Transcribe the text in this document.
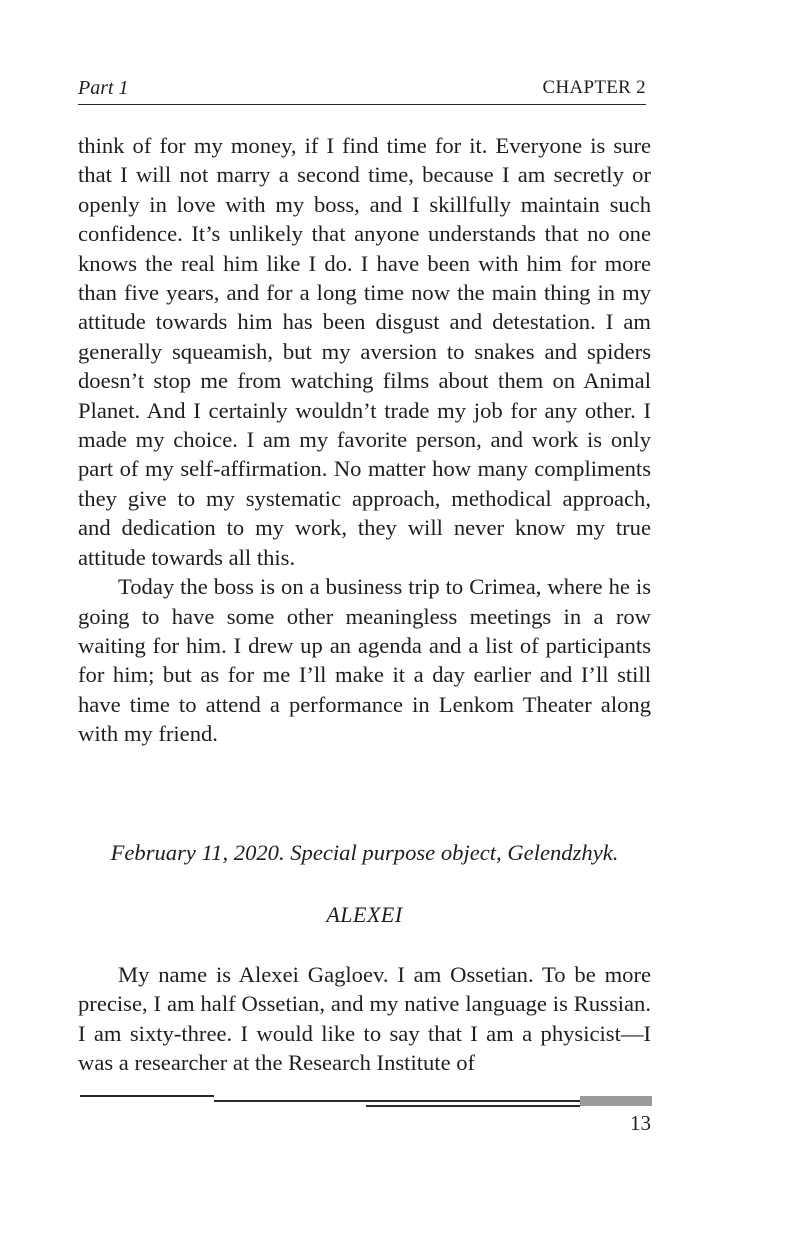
Part 1	CHAPTER 2

think of for my money, if I find time for it. Everyone is sure that I will not marry a second time, because I am secretly or openly in love with my boss, and I skillfully maintain such confidence. It’s unlikely that anyone understands that no one knows the real him like I do. I have been with him for more than five years, and for a long time now the main thing in my attitude towards him has been disgust and detestation. I am generally squeamish, but my aversion to snakes and spiders doesn’t stop me from watching films about them on Animal Planet. And I certainly wouldn’t trade my job for any other. I made my choice. I am my favorite person, and work is only part of my self-affirmation. No matter how many compliments they give to my systematic approach, methodical approach, and dedication to my work, they will never know my true attitude towards all this.

Today the boss is on a business trip to Crimea, where he is going to have some other meaningless meetings in a row waiting for him. I drew up an agenda and a list of participants for him; but as for me I’ll make it a day earlier and I’ll still have time to attend a performance in Lenkom Theater along with my friend.

February 11, 2020. Special purpose object, Gelendzhyk.
ALEXEI

My name is Alexei Gagloev. I am Ossetian. To be more precise, I am half Ossetian, and my native language is Russian. I am sixty-three. I would like to say that I am a physicist—I was a researcher at the Research Institute of

13
